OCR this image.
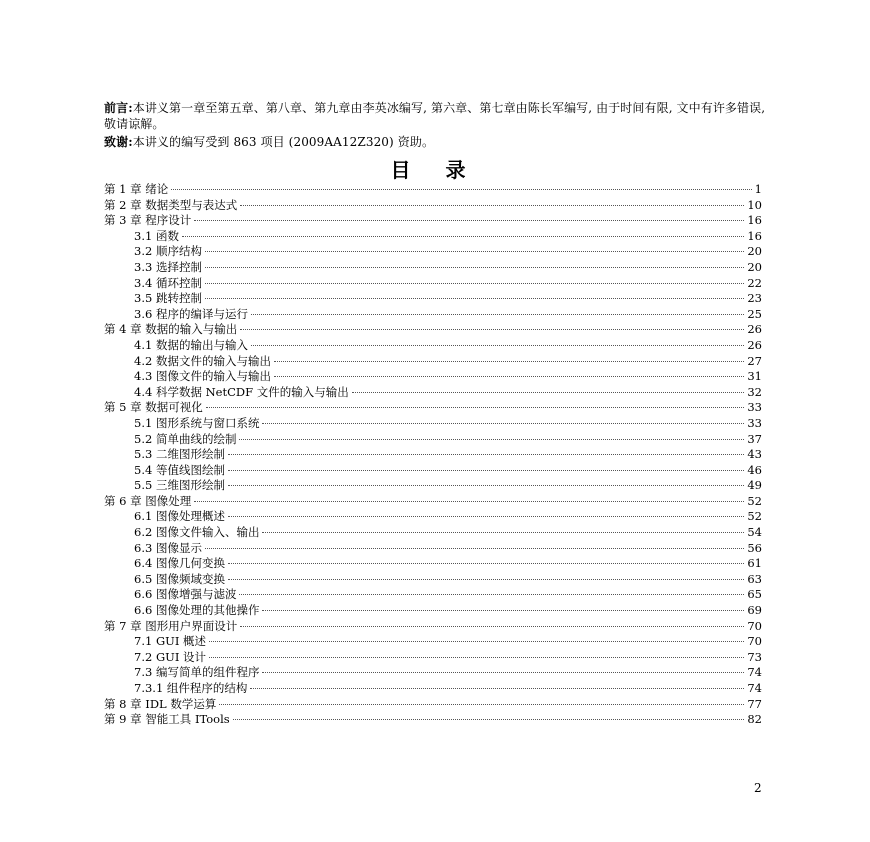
前言:本讲义第一章至第五章、第八章、第九章由李英冰编写, 第六章、第七章由陈长军编写, 由于时间有限, 文中有许多错误, 敬请谅解。

致谢:本讲义的编写受到 863 项目 (2009AA12Z320) 资助。

目 录
第 1 章 绪论	1
第 2 章 数据类型与表达式	10
第 3 章 程序设计	16
3.1 函数	16
3.2 顺序结构	20
3.3 选择控制	20
3.4 循环控制	22
3.5 跳转控制	23
3.6 程序的编译与运行	25
第 4 章 数据的输入与输出	26
4.1 数据的输出与输入	26
4.2 数据文件的输入与输出	27
4.3 图像文件的输入与输出	31
4.4 科学数据 NetCDF 文件的输入与输出	32
第 5 章 数据可视化	33
5.1 图形系统与窗口系统	33
5.2 简单曲线的绘制	37
5.3 二维图形绘制	43
5.4 等值线图绘制	46
5.5 三维图形绘制	49
第 6 章 图像处理	52
6.1 图像处理概述	52
6.2 图像文件输入、输出	54
6.3 图像显示	56
6.4 图像几何变换	61
6.5 图像频域变换	63
6.6 图像增强与滤波	65
6.6 图像处理的其他操作	69
第 7 章 图形用户界面设计	70
7.1 GUI 概述	70
7.2 GUI 设计	73
7.3 编写简单的组件程序	74
7.3.1 组件程序的结构	74
第 8 章 IDL 数学运算	77
第 9 章 智能工具 ITools	82
2
